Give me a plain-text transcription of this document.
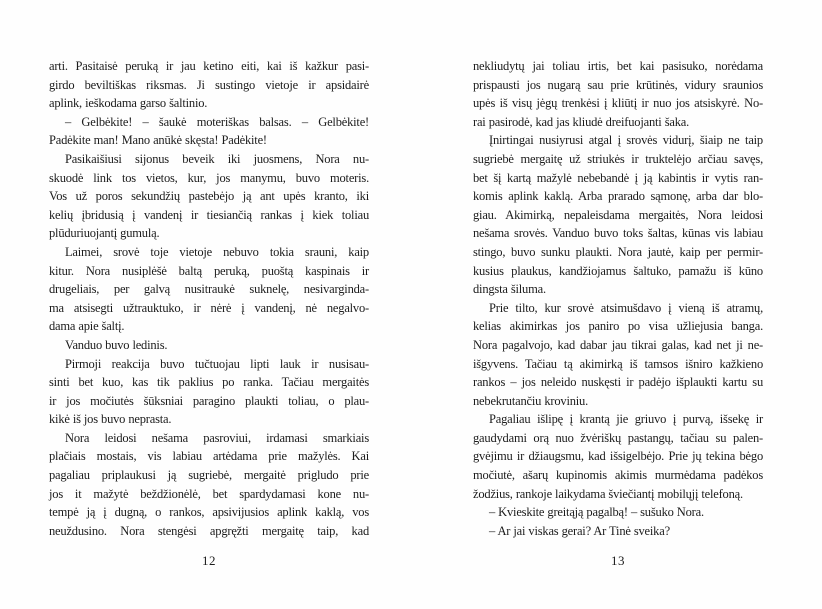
arti. Pasitaisė peruką ir jau ketino eiti, kai iš kažkur pasi-
girdo beviltiškas riksmas. Ji sustingo vietoje ir apsidairė
aplink, ieškodama garso šaltinio.
– Gelbėkite! – šaukė moteriškas balsas. – Gelbėkite!
Padėkite man! Mano anūkė skęsta! Padėkite!
Pasikaišiusi sijonus beveik iki juosmens, Nora nu-
skuodė link tos vietos, kur, jos manymu, buvo moteris.
Vos už poros sekundžių pastebėjo ją ant upės kranto, iki
kelių įbridusią į vandenį ir tiesiančią rankas į kiek toliau
plūduriuojantį gumulą.
Laimei, srovė toje vietoje nebuvo tokia srauni, kaip
kitur. Nora nusiplėšė baltą peruką, puoštą kaspinais ir
drugeliais, per galvą nusitraukė suknelę, nesivarginda-
ma atsisegti užtrauktuko, ir nėrė į vandenį, nė negalvo-
dama apie šaltį.
Vanduo buvo ledinis.
Pirmoji reakcija buvo tučtuojau lipti lauk ir nusisau-
sinti bet kuo, kas tik paklius po ranka. Tačiau mergaitės
ir jos močiutės šūksniai paragino plaukti toliau, o plau-
kikė iš jos buvo neprasta.
Nora leidosi nešama pasroviui, irdamasi smarkiais
plačiais mostais, vis labiau artėdama prie mažylės. Kai
pagaliau priplaukusi ją sugriebė, mergaitė prigludo prie
jos it mažytė beždžionėlė, bet spardydamasi kone nu-
tempė ją į dugną, o rankos, apsivijusios aplink kaklą, vos
neuždusino. Nora stengėsi apgręžti mergaitę taip, kad
12
nekliudytų jai toliau irtis, bet kai pasisuko, norėdama
prispausti jos nugarą sau prie krūtinės, vidury sraunios
upės iš visų jėgų trenkėsi į kliūtį ir nuo jos atsiskyrė. No-
rai pasirodė, kad jas kliudė dreifuojanti šaka.
Įnirtingai nusiyrusi atgal į srovės vidurį, šiaip ne taip
sugriebė mergaitę už striukės ir truktelėjo arčiau savęs,
bet šį kartą mažylė nebebandė į ją kabintis ir vytis ran-
komis aplink kaklą. Arba prarado sąmonę, arba dar blo-
giau. Akimirką, nepaleisdama mergaitės, Nora leidosi
nešama srovės. Vanduo buvo toks šaltas, kūnas vis labiau
stingo, buvo sunku plaukti. Nora jautė, kaip per permir-
kusius plaukus, kandžiojamus šaltuko, pamažu iš kūno
dingsta šiluma.
Prie tilto, kur srovė atsimušdavo į vieną iš atramų,
kelias akimirkas jos paniro po visa užliejusia banga.
Nora pagalvojo, kad dabar jau tikrai galas, kad net ji ne-
išgyvens. Tačiau tą akimirką iš tamsos išniro kažkieno
rankos – jos neleido nuskęsti ir padėjo išplaukti kartu su
nebekrutančiu kroviniu.
Pagaliau išlipę į krantą jie griuvo į purvą, išsekę ir
gaudydami orą nuo žvėriškų pastangų, tačiau su palen-
gvėjimu ir džiaugsmu, kad išsigelbėjo. Prie jų tekina bėgo
močiutė, ašarų kupinomis akimis murmėdama padėkos
žodžius, rankoje laikydama šviečiantį mobilųjį telefoną.
– Kvieskite greitąją pagalbą! – sušuko Nora.
– Ar jai viskas gerai? Ar Tinė sveika?
13
